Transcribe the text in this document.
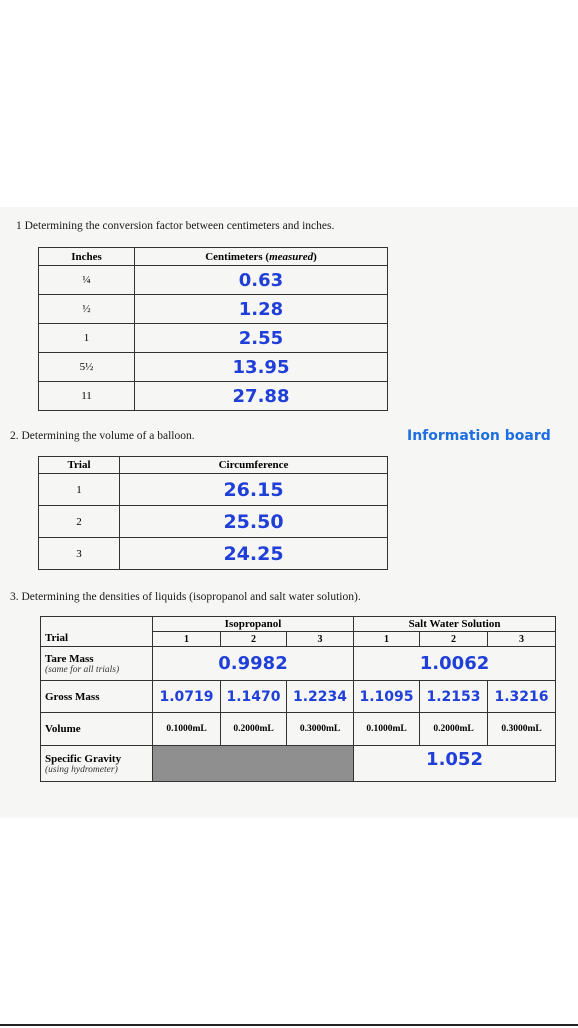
1 Determining the conversion factor between centimeters and inches.
Inches	Centimeters (measured)
¼	0.63
½	1.28
1	2.55
5½	13.95
11	27.88
2. Determining the volume of a balloon.	Information board
Trial	Circumference
1	26.15
2	25.50
3	24.25
3. Determining the densities of liquids (isopropanol and salt water solution).
Trial	Isopropanol			Salt Water Solution		
	1	2	3	1	2	3
Tare Mass
(same for all trials)	0.9982			1.0062		
Gross Mass	1.0719	1.1470	1.2234	1.1095	1.2153	1.3216
Volume	0.1000mL	0.2000mL	0.3000mL	0.1000mL	0.2000mL	0.3000mL
Specific Gravity
(using hydrometer)				1.052		
